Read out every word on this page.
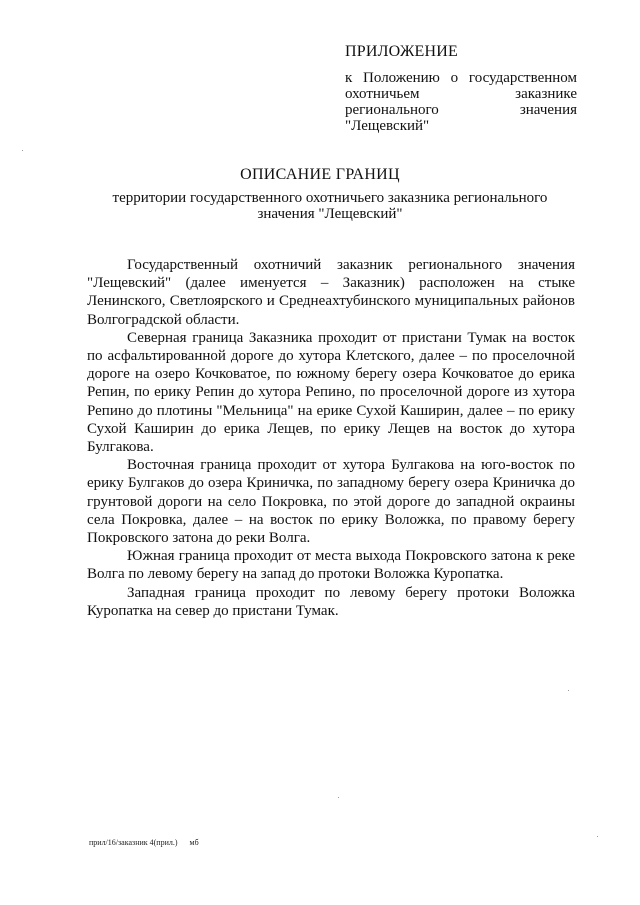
ПРИЛОЖЕНИЕ
к Положению о государственном охотничьем заказнике регионального значения "Лещевский"
ОПИСАНИЕ ГРАНИЦ
территории государственного охотничьего заказника регионального значения "Лещевский"

Государственный охотничий заказник регионального значения "Лещевский" (далее именуется – Заказник) расположен на стыке Ленинского, Светлоярского и Среднеахтубинского муниципальных районов Волгоградской области.

Северная граница Заказника проходит от пристани Тумак на восток по асфальтированной дороге до хутора Клетского, далее – по проселочной дороге на озеро Кочковатое, по южному берегу озера Кочковатое до ерика Репин, по ерику Репин до хутора Репино, по проселочной дороге из хутора Репино до плотины "Мельница" на ерике Сухой Каширин, далее – по ерику Сухой Каширин до ерика Лещев, по ерику Лещев на восток до хутора Булгакова.

Восточная граница проходит от хутора Булгакова на юго-восток по ерику Булгаков до озера Криничка, по западному берегу озера Криничка до грунтовой дороги на село Покровка, по этой дороге до западной окраины села Покровка, далее – на восток по ерику Воложка, по правому берегу Покровского затона до реки Волга.

Южная граница проходит от места выхода Покровского затона к реке Волга по левому берегу на запад до протоки Воложка Куропатка.

Западная граница проходит по левому берегу протоки Воложка Куропатка на север до пристани Тумак.

прил/16/заказник 4(прил.)      мб
